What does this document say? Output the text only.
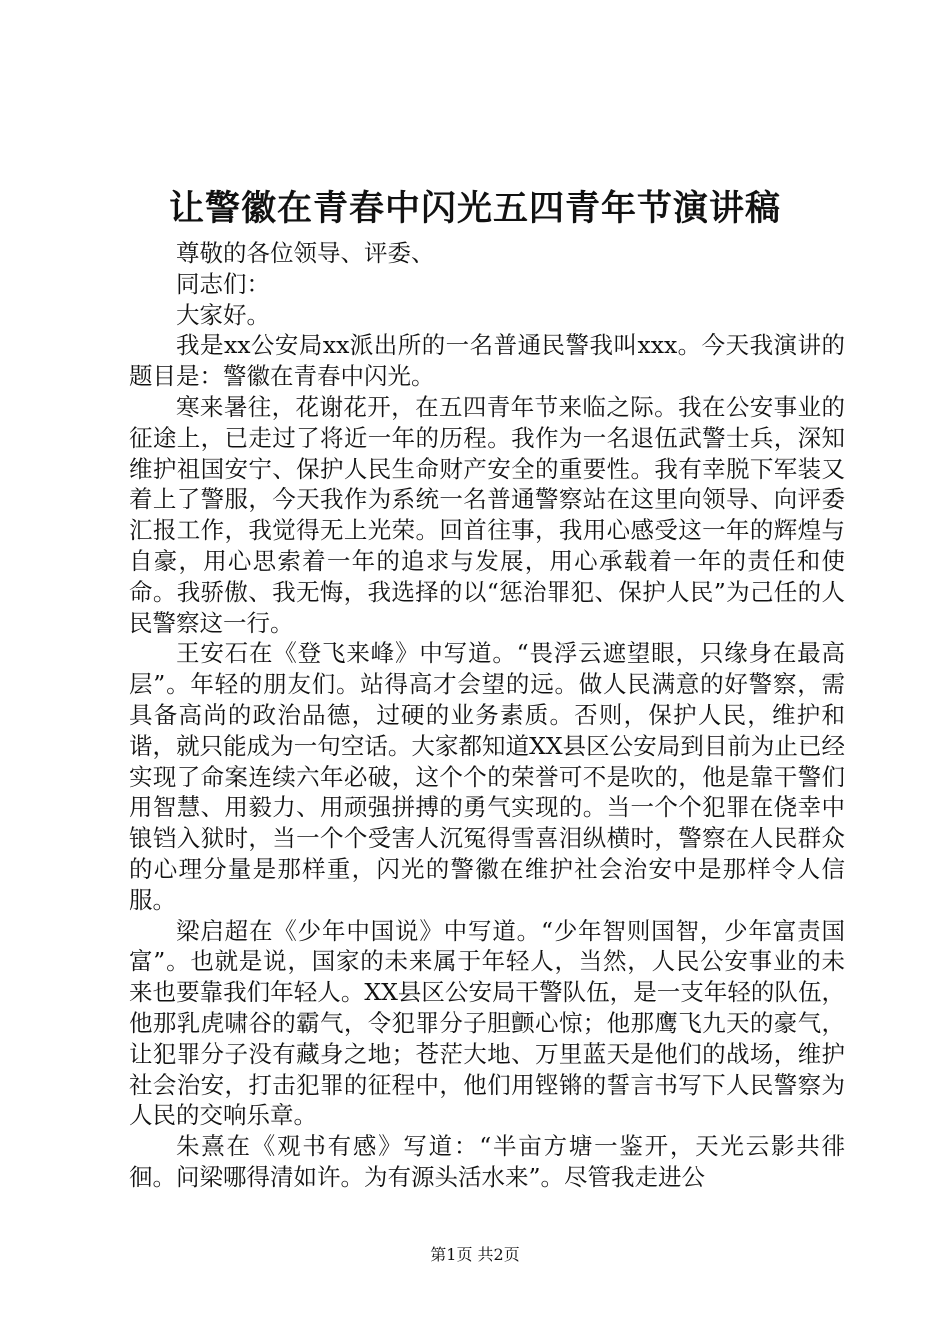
让警徽在青春中闪光五四青年节演讲稿

尊敬的各位领导、评委、

同志们：

大家好。

我是xx公安局xx派出所的一名普通民警我叫xxx。今天我演讲的题目是：警徽在青春中闪光。

寒来暑往，花谢花开，在五四青年节来临之际。我在公安事业的征途上，已走过了将近一年的历程。我作为一名退伍武警士兵，深知维护祖国安宁、保护人民生命财产安全的重要性。我有幸脱下军装又着上了警服，今天我作为系统一名普通警察站在这里向领导、向评委汇报工作，我觉得无上光荣。回首往事，我用心感受这一年的辉煌与自豪，用心思索着一年的追求与发展，用心承载着一年的责任和使命。我骄傲、我无悔，我选择的以“惩治罪犯、保护人民”为己任的人民警察这一行。

王安石在《登飞来峰》中写道。“畏浮云遮望眼，只缘身在最高层”。年轻的朋友们。站得高才会望的远。做人民满意的好警察，需具备高尚的政治品德，过硬的业务素质。否则，保护人民，维护和谐，就只能成为一句空话。大家都知道XX县区公安局到目前为止已经实现了命案连续六年必破，这个个的荣誉可不是吹的，他是靠干警们用智慧、用毅力、用顽强拼搏的勇气实现的。当一个个犯罪在侥幸中锒铛入狱时，当一个个受害人沉冤得雪喜泪纵横时，警察在人民群众的心理分量是那样重，闪光的警徽在维护社会治安中是那样令人信服。

梁启超在《少年中国说》中写道。“少年智则国智，少年富责国富”。也就是说，国家的未来属于年轻人，当然，人民公安事业的未来也要靠我们年轻人。XX县区公安局干警队伍，是一支年轻的队伍，他那乳虎啸谷的霸气，令犯罪分子胆颤心惊；他那鹰飞九天的豪气，让犯罪分子没有藏身之地；苍茫大地、万里蓝天是他们的战场，维护社会治安，打击犯罪的征程中，他们用铿锵的誓言书写下人民警察为人民的交响乐章。

朱熹在《观书有感》写道：“半亩方塘一鉴开，天光云影共徘徊。问梁哪得清如许。为有源头活水来”。尽管我走进公

第1页 共2页
